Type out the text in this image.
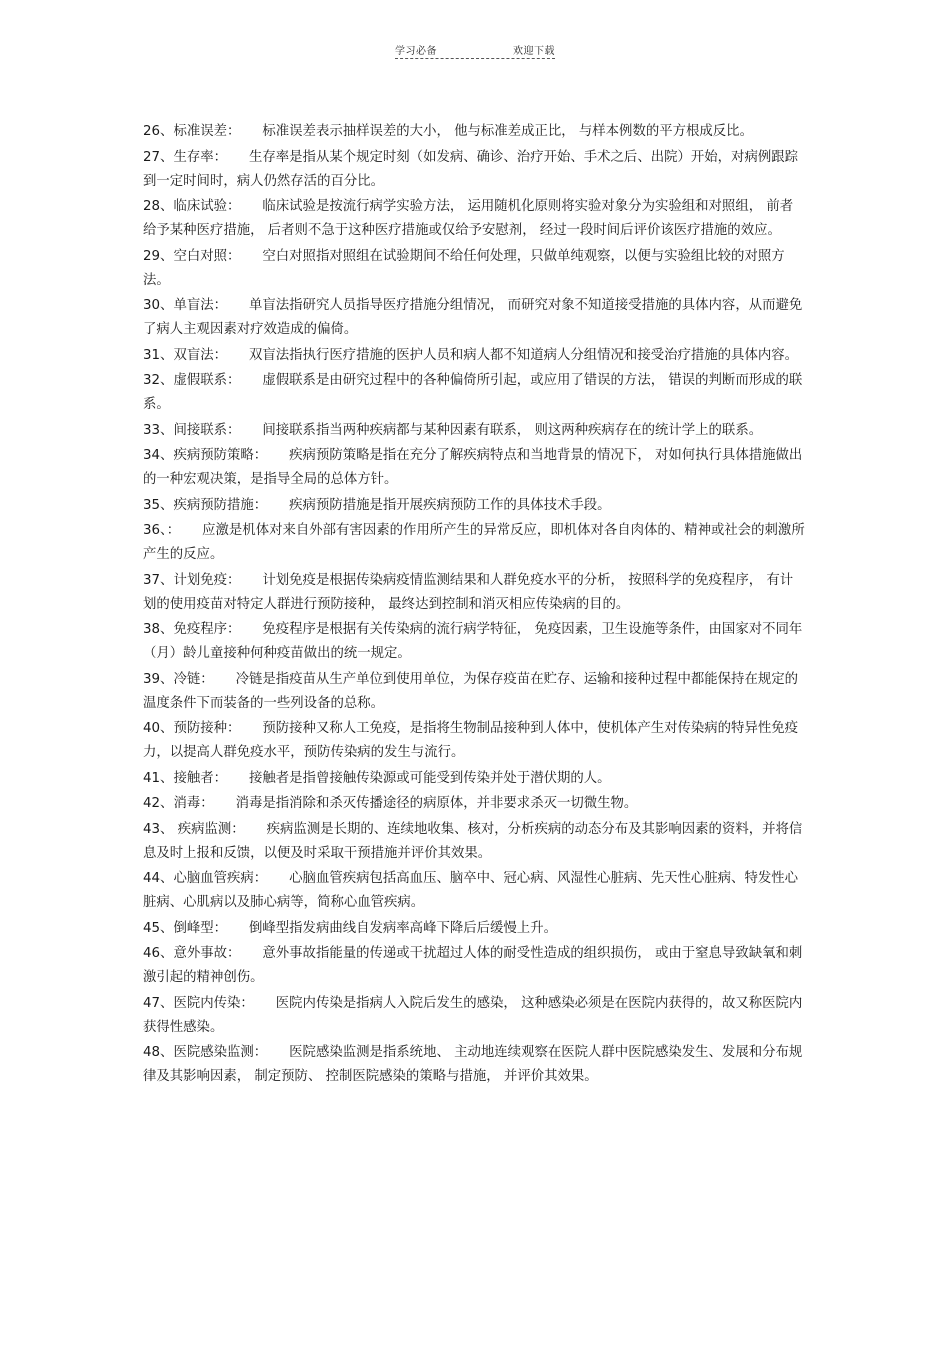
学习必备	欢迎下载

26、标准误差： 标准误差表示抽样误差的大小， 他与标准差成正比， 与样本例数的平方根成反比。

27、生存率： 生存率是指从某个规定时刻（如发病、确诊、治疗开始、手术之后、出院）开始，对病例跟踪到一定时间时，病人仍然存活的百分比。

28、临床试验： 临床试验是按流行病学实验方法， 运用随机化原则将实验对象分为实验组和对照组， 前者给予某种医疗措施， 后者则不急于这种医疗措施或仅给予安慰剂， 经过一段时间后评价该医疗措施的效应。

29、空白对照： 空白对照指对照组在试验期间不给任何处理，只做单纯观察，以便与实验组比较的对照方法。

30、单盲法： 单盲法指研究人员指导医疗措施分组情况， 而研究对象不知道接受措施的具体内容，从而避免了病人主观因素对疗效造成的偏倚。

31、双盲法： 双盲法指执行医疗措施的医护人员和病人都不知道病人分组情况和接受治疗措施的具体内容。

32、虚假联系： 虚假联系是由研究过程中的各种偏倚所引起，或应用了错误的方法， 错误的判断而形成的联系。

33、间接联系： 间接联系指当两种疾病都与某种因素有联系， 则这两种疾病存在的统计学上的联系。

34、疾病预防策略： 疾病预防策略是指在充分了解疾病特点和当地背景的情况下， 对如何执行具体措施做出的一种宏观决策，是指导全局的总体方针。

35、疾病预防措施： 疾病预防措施是指开展疾病预防工作的具体技术手段。

36、： 应激是机体对来自外部有害因素的作用所产生的异常反应，即机体对各自肉体的、精神或社会的刺激所产生的反应。

37、计划免疫： 计划免疫是根据传染病疫情监测结果和人群免疫水平的分析， 按照科学的免疫程序， 有计划的使用疫苗对特定人群进行预防接种， 最终达到控制和消灭相应传染病的目的。

38、免疫程序： 免疫程序是根据有关传染病的流行病学特征， 免疫因素，卫生设施等条件，由国家对不同年（月）龄儿童接种何种疫苗做出的统一规定。

39、冷链： 冷链是指疫苗从生产单位到使用单位，为保存疫苗在贮存、运输和接种过程中都能保持在规定的温度条件下而装备的一些列设备的总称。

40、预防接种： 预防接种又称人工免疫，是指将生物制品接种到人体中，使机体产生对传染病的特异性免疫力，以提高人群免疫水平，预防传染病的发生与流行。

41、接触者： 接触者是指曾接触传染源或可能受到传染并处于潜伏期的人。

42、消毒： 消毒是指消除和杀灭传播途径的病原体，并非要求杀灭一切微生物。

43、 疾病监测： 疾病监测是长期的、连续地收集、核对，分析疾病的动态分布及其影响因素的资料，并将信息及时上报和反馈，以便及时采取干预措施并评价其效果。

44、心脑血管疾病： 心脑血管疾病包括高血压、脑卒中、冠心病、风湿性心脏病、先天性心脏病、特发性心脏病、心肌病以及肺心病等，简称心血管疾病。

45、倒峰型： 倒峰型指发病曲线自发病率高峰下降后后缓慢上升。

46、意外事故： 意外事故指能量的传递或干扰超过人体的耐受性造成的组织损伤， 或由于窒息导致缺氧和刺激引起的精神创伤。

47、医院内传染： 医院内传染是指病人入院后发生的感染， 这种感染必须是在医院内获得的，故又称医院内获得性感染。

48、医院感染监测： 医院感染监测是指系统地、 主动地连续观察在医院人群中医院感染发生、发展和分布规律及其影响因素， 制定预防、 控制医院感染的策略与措施， 并评价其效果。
